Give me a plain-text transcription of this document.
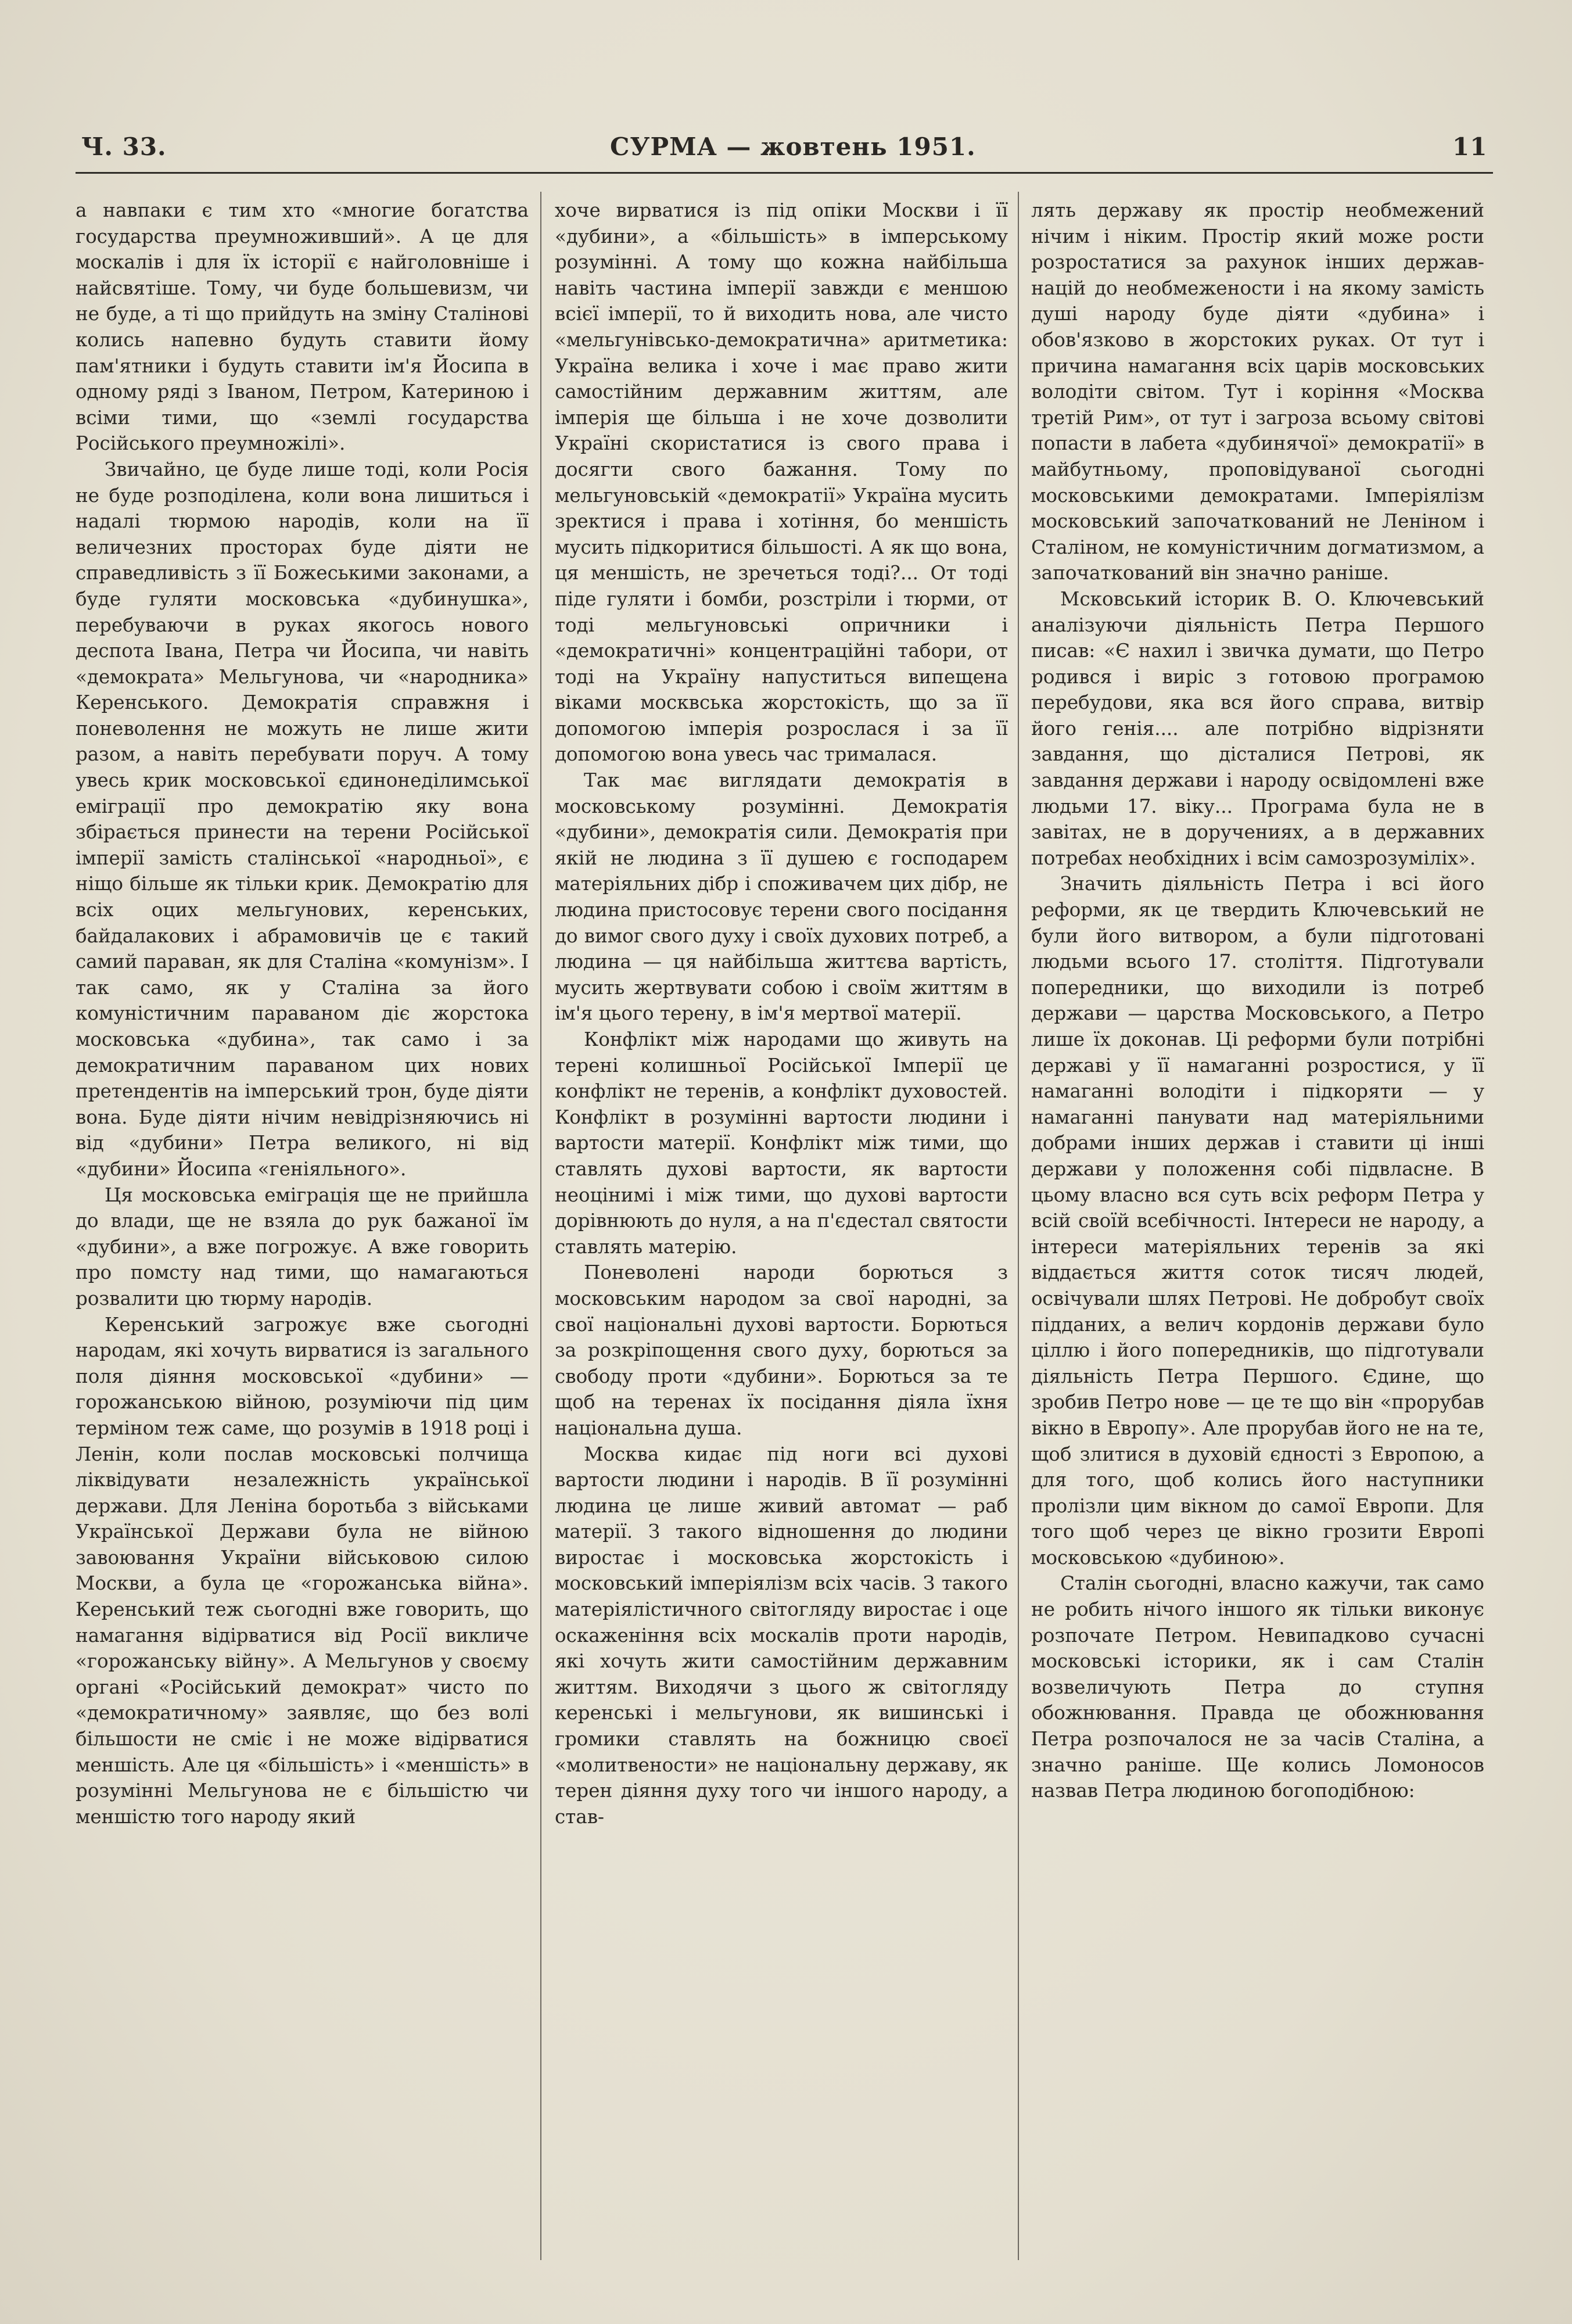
Ч. 33.	СУРМА — жовтень 1951.	11

а навпаки є тим хто «многие богатства государства преумноживший». А це для москалів і для їх історії є найголовніше і найсвятіше. Тому, чи буде большевизм, чи не буде, а ті що прийдуть на зміну Сталінові колись напевно будуть ставити йому пам'ятники і будуть ставити ім'я Йосипа в одному ряді з Іваном, Петром, Катериною і всіми тими, що «землі государства Російського преумножілі».

Звичайно, це буде лише тоді, коли Росія не буде розподілена, коли вона лишиться і надалі тюрмою народів, коли на її величезних просторах буде діяти не справедливість з її Божеськими законами, а буде гуляти московська «дубинушка», перебуваючи в руках якогось нового деспота Івана, Петра чи Йосипа, чи навіть «демократа» Мельгунова, чи «народника» Керенського. Демократія справжня і поневолення не можуть не лише жити разом, а навіть перебувати поруч. А тому увесь крик московської єдинонеділимської еміграції про демократію яку вона збірається принести на терени Російської імперії замість сталінської «народньої», є ніщо більше як тільки крик. Демократію для всіх оцих мельгунових, керенських, байдалакових і абрамовичів це є такий самий параван, як для Сталіна «комунізм». І так само, як у Сталіна за його комуністичним параваном діє жорстока московська «дубина», так само і за демократичним параваном цих нових претендентів на імперський трон, буде діяти вона. Буде діяти нічим невідрізняючись ні від «дубини» Петра великого, ні від «дубини» Йосипа «геніяльного».

Ця московська еміграція ще не прийшла до влади, ще не взяла до рук бажаної їм «дубини», а вже погрожує. А вже говорить про помсту над тими, що намагаються розвалити цю тюрму народів.

Керенський загрожує вже сьогодні народам, які хочуть вирватися із загального поля діяння московської «дубини» — горожанською війною, розуміючи під цим терміном теж саме, що розумів в 1918 році і Ленін, коли послав московські полчища ліквідувати незалежність української держави. Для Леніна боротьба з військами Української Держави була не війною завоювання України військовою силою Москви, а була це «горожанська війна». Керенський теж сьогодні вже говорить, що намагання відірватися від Росії викличе «горожанську війну». А Мельгунов у своєму органі «Російський демократ» чисто по «демократичному» заявляє, що без волі більшости не сміє і не може відірватися меншість. Але ця «більшість» і «меншість» в розумінні Мельгунова не є більшістю чи меншістю того народу який

хоче вирватися із під опіки Москви і її «дубини», а «більшість» в імперському розумінні. А тому що кожна найбільша навіть частина імперії завжди є меншою всієї імперії, то й виходить нова, але чисто «мельгунівсько-демократична» аритметика: Україна велика і хоче і має право жити самостійним державним життям, але імперія ще більша і не хоче дозволити Україні скористатися із свого права і досягти свого бажання. Тому по мельгуновській «демократії» Україна мусить зректися і права і хотіння, бо меншість мусить підкоритися більшості. А як що вона, ця меншість, не зречеться тоді?... От тоді піде гуляти і бомби, розстріли і тюрми, от тоді мельгуновські опричники і «демократичні» концентраційні табори, от тоді на Україну напуститься випещена віками москвська жорстокість, що за її допомогою імперія розрослася і за її допомогою вона увесь час трималася.

Так має виглядати демократія в московському розумінні. Демократія «дубини», демократія сили. Демократія при якій не людина з її душею є господарем матеріяльних дібр і споживачем цих дібр, не людина пристосовує терени свого посідання до вимог свого духу і своїх духових потреб, а людина — ця найбільша життєва вартість, мусить жертвувати собою і своїм життям в ім'я цього терену, в ім'я мертвої матерії.

Конфлікт між народами що живуть на терені колишньої Російської Імперії це конфлікт не теренів, а конфлікт духовостей. Конфлікт в розумінні вартости людини і вартости матерії. Конфлікт між тими, що ставлять духові вартости, як вартости неоцінимі і між тими, що духові вартости дорівнюють до нуля, а на п'єдестал святости ставлять матерію.

Поневолені народи борються з московським народом за свої народні, за свої національні духові вартости. Борються за розкріпощення свого духу, борються за свободу проти «дубини». Борються за те щоб на теренах їх посідання діяла їхня національна душа.

Москва кидає під ноги всі духові вартости людини і народів. В її розумінні людина це лише живий автомат — раб матерії. З такого відношення до людини виростає і московська жорстокість і московський імперіялізм всіх часів. З такого матеріялістичного світогляду виростає і оце оскаженіння всіх москалів проти народів, які хочуть жити самостійним державним життям. Виходячи з цього ж світогляду керенські і мельгунови, як вишинські і громики ставлять на божницю своєї «молитвености» не національну державу, як терен діяння духу того чи іншого народу, а став-

лять державу як простір необмежений нічим і ніким. Простір який може рости розростатися за рахунок інших держав-націй до необмежености і на якому замість душі народу буде діяти «дубина» і обов'язково в жорстоких руках. От тут і причина намагання всіх царів московських володіти світом. Тут і коріння «Москва третій Рим», от тут і загроза всьому світові попасти в лабета «дубинячої» демократії» в майбутньому, проповідуваної сьогодні московськими демократами. Імперіялізм московський започаткований не Леніном і Сталіном, не комуністичним догматизмом, а започаткований він значно раніше.

Мсковський історик В. О. Ключевський аналізуючи діяльність Петра Першого писав: «Є нахил і звичка думати, що Петро родився і виріс з готовою програмою перебудови, яка вся його справа, витвір його генія.... але потрібно відрізняти завдання, що дісталися Петрові, як завдання держави і народу освідомлені вже людьми 17. віку... Програма була не в завітах, не в доручениях, а в державних потребах необхідних і всім самозрозуміліх».

Значить діяльність Петра і всі його реформи, як це твердить Ключевський не були його витвором, а були підготовані людьми всього 17. століття. Підготували попередники, що виходили із потреб держави — царства Московського, а Петро лише їх доконав. Ці реформи були потрібні державі у її намаганні розростися, у її намаганні володіти і підкоряти — у намаганні панувати над матеріяльними добрами інших держав і ставити ці інші держави у положення собі підвласне. В цьому власно вся суть всіх реформ Петра у всій своїй всебічності. Інтереси не народу, а інтереси матеріяльних теренів за які віддається життя соток тисяч людей, освічували шлях Петрові. Не добробут своїх підданих, а велич кордонів держави було ціллю і його попередників, що підготували діяльність Петра Першого. Єдине, що зробив Петро нове — це те що він «прорубав вікно в Европу». Але прорубав його не на те, щоб злитися в духовій єдності з Европою, а для того, щоб колись його наступники пролізли цим вікном до самої Европи. Для того щоб через це вікно грозити Европі московською «дубиною».

Сталін сьогодні, власно кажучи, так само не робить нічого іншого як тільки виконує розпочате Петром. Невипадково сучасні московські історики, як і сам Сталін возвеличують Петра до ступня обожнювання. Правда це обожнювання Петра розпочалося не за часів Сталіна, а значно раніше. Ще колись Ломоносов назвав Петра людиною богоподібною:
